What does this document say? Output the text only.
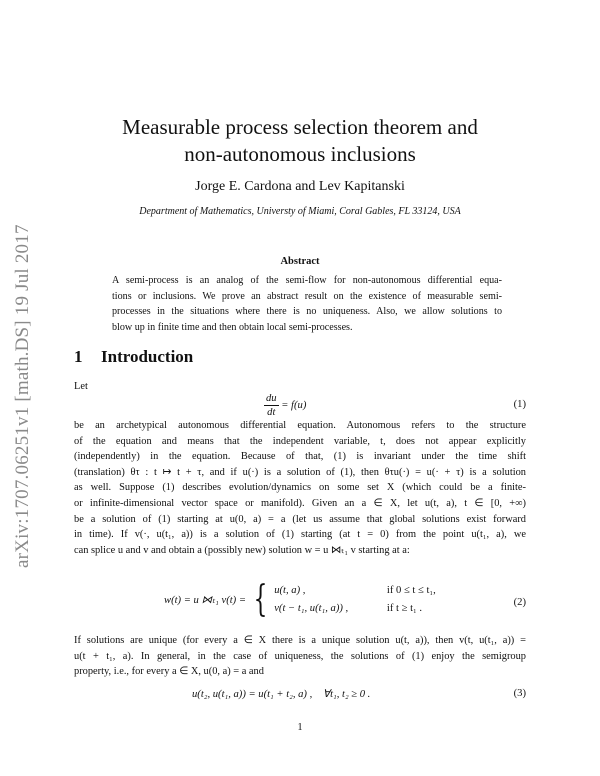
arXiv:1707.06251v1 [math.DS] 19 Jul 2017
Measurable process selection theorem and
non-autonomous inclusions
Jorge E. Cardona and Lev Kapitanski
Department of Mathematics, Universty of Miami, Coral Gables, FL 33124, USA
Abstract
A semi-process is an analog of the semi-flow for non-autonomous differential equa-
tions or inclusions. We prove an abstract result on the existence of measurable semi-
processes in the situations where there is no uniqueness. Also, we allow solutions to
blow up in finite time and then obtain local semi-processes.
1 Introduction
Let
$\frac{du}{dt} = f(u)$	(1)
be an archetypical autonomous differential equation. Autonomous refers to the structure
of the equation and means that the independent variable, t, does not appear explicitly
(independently) in the equation. Because of that, (1) is invariant under the time shift
(translation) θτ : t ↦ t + τ, and if u(·) is a solution of (1), then θτu(·) = u(· + τ) is a solution
as well. Suppose (1) describes evolution/dynamics on some set X (which could be a finite-
or infinite-dimensional vector space or manifold). Given an a ∈ X, let u(t, a), t ∈ [0, +∞)
be a solution of (1) starting at u(0, a) = a (let us assume that global solutions exist forward
in time). If v(·, u(t₁, a)) is a solution of (1) starting (at t = 0) from the point u(t₁, a), we
can splice u and v and obtain a (possibly new) solution w = u ⋈ₜ₁ v starting at a:
w(t) = u ⋈ₜ₁ v(t) = { u(t, a) ,	if 0 ≤ t ≤ t₁,
v(t − t₁, u(t₁, a)) ,	if t ≥ t₁ .
(2)
If solutions are unique (for every a ∈ X there is a unique solution u(t, a)), then v(t, u(t₁, a)) =
u(t + t₁, a). In general, in the case of uniqueness, the solutions of (1) enjoy the semigroup
property, i.e., for every a ∈ X, u(0, a) = a and
u(t₂, u(t₁, a)) = u(t₁ + t₂, a) ,    ∀t₁, t₂ ≥ 0 .	(3)
1
